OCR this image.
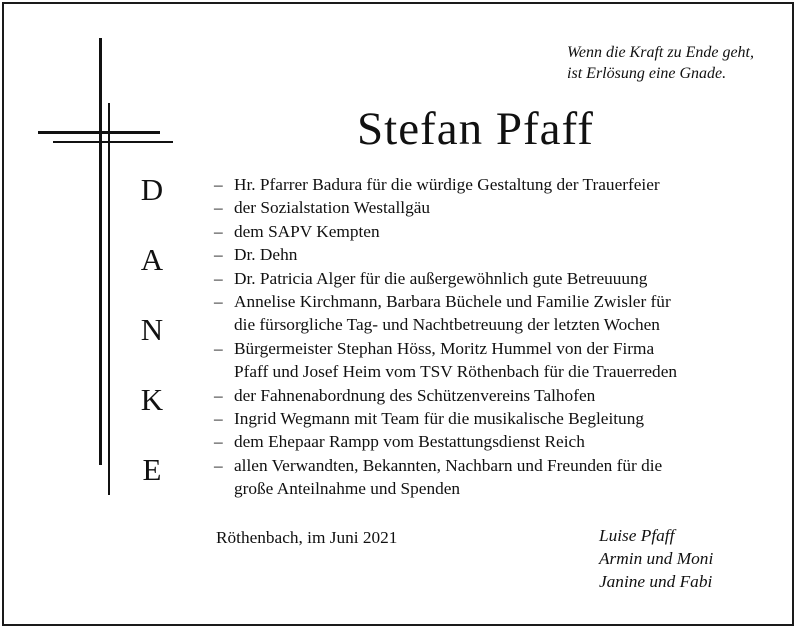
D
A
N
K
E
Wenn die Kraft zu Ende geht,
ist Erlösung eine Gnade.
Stefan Pfaff
– Hr. Pfarrer Badura für die würdige Gestaltung der Trauerfeier
– der Sozialstation Westallgäu
– dem SAPV Kempten
– Dr. Dehn
– Dr. Patricia Alger für die außergewöhnlich gute Betreuuung
– Annelise Kirchmann, Barbara Büchele und Familie Zwisler für
die fürsorgliche Tag- und Nachtbetreuung der letzten Wochen
– Bürgermeister Stephan Höss, Moritz Hummel von der Firma
Pfaff und Josef Heim vom TSV Röthenbach für die Trauerreden
– der Fahnenabordnung des Schützenvereins Talhofen
– Ingrid Wegmann mit Team für die musikalische Begleitung
– dem Ehepaar Rampp vom Bestattungsdienst Reich
– allen Verwandten, Bekannten, Nachbarn und Freunden für die
große Anteilnahme und Spenden
Röthenbach, im Juni 2021	Luise Pfaff
Armin und Moni
Janine und Fabi
